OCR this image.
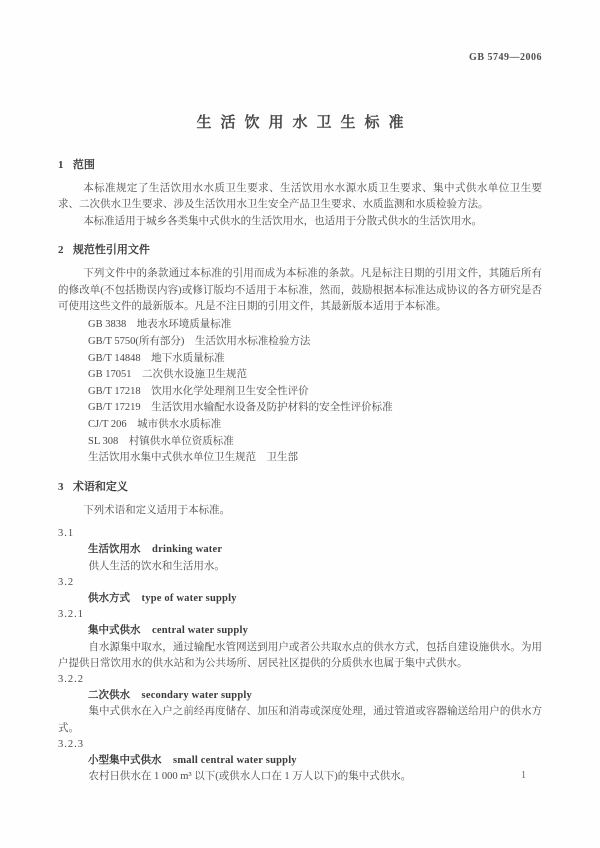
GB 5749—2006
生活饮用水卫生标准
1 范围

本标准规定了生活饮用水水质卫生要求、生活饮用水水源水质卫生要求、集中式供水单位卫生要求、二次供水卫生要求、涉及生活饮用水卫生安全产品卫生要求、水质监测和水质检验方法。

本标准适用于城乡各类集中式供水的生活饮用水，也适用于分散式供水的生活饮用水。

2 规范性引用文件

下列文件中的条款通过本标准的引用而成为本标准的条款。凡是标注日期的引用文件，其随后所有的修改单(不包括勘误内容)或修订版均不适用于本标准，然而，鼓励根据本标准达成协议的各方研究是否可使用这些文件的最新版本。凡是不注日期的引用文件，其最新版本适用于本标准。

GB 3838　地表水环境质量标准
GB/T 5750(所有部分)　生活饮用水标准检验方法
GB/T 14848　地下水质量标准
GB 17051　二次供水设施卫生规范
GB/T 17218　饮用水化学处理剂卫生安全性评价
GB/T 17219　生活饮用水输配水设备及防护材料的安全性评价标准
CJ/T 206　城市供水水质标准
SL 308　村镇供水单位资质标准
生活饮用水集中式供水单位卫生规范　卫生部
3 术语和定义

下列术语和定义适用于本标准。

3.1
生活饮用水 drinking water

供人生活的饮水和生活用水。

3.2
供水方式 type of water supply
3.2.1
集中式供水 central water supply

自水源集中取水，通过输配水管网送到用户或者公共取水点的供水方式，包括自建设施供水。为用户提供日常饮用水的供水站和为公共场所、居民社区提供的分质供水也属于集中式供水。

3.2.2
二次供水 secondary water supply

集中式供水在入户之前经再度储存、加压和消毒或深度处理，通过管道或容器输送给用户的供水方式。

3.2.3
小型集中式供水 small central water supply

农村日供水在 1 000 m³ 以下(或供水人口在 1 万人以下)的集中式供水。	1
